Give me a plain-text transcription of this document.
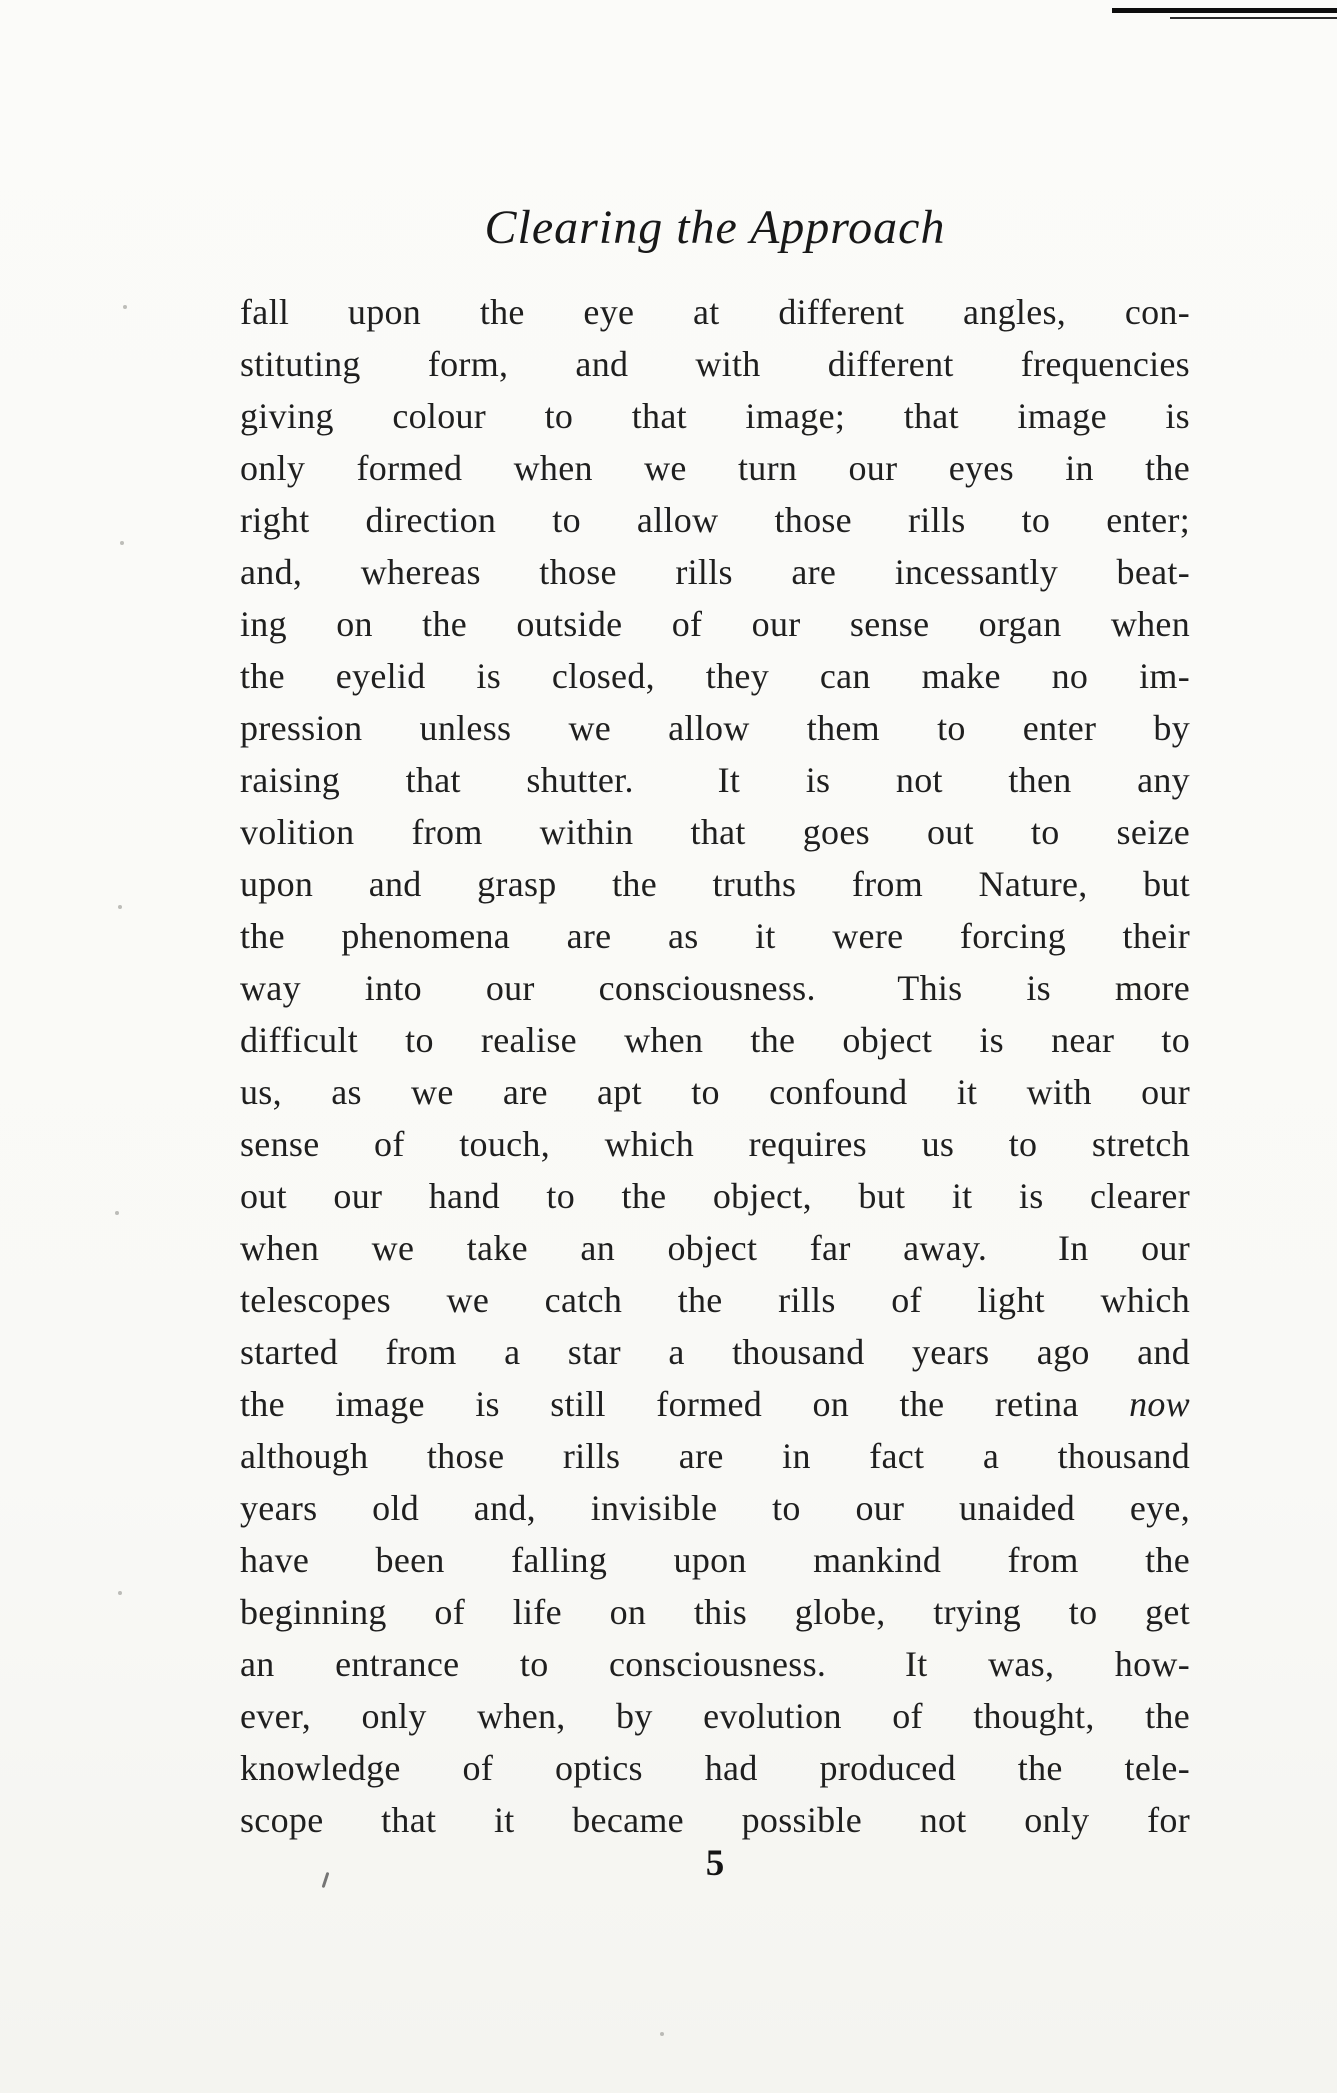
Clearing the Approach
fall upon the eye at different angles, con-
stituting form, and with different frequencies
giving colour to that image; that image is
only formed when we turn our eyes in the
right direction to allow those rills to enter;
and, whereas those rills are incessantly beat-
ing on the outside of our sense organ when
the eyelid is closed, they can make no im-
pression unless we allow them to enter by
raising that shutter.  It is not then any
volition from within that goes out to seize
upon and grasp the truths from Nature, but
the phenomena are as it were forcing their
way into our consciousness.  This is more
difficult to realise when the object is near to
us, as we are apt to confound it with our
sense of touch, which requires us to stretch
out our hand to the object, but it is clearer
when we take an object far away.  In our
telescopes we catch the rills of light which
started from a star a thousand years ago and
the image is still formed on the retina now
although those rills are in fact a thousand
years old and, invisible to our unaided eye,
have been falling upon mankind from the
beginning of life on this globe, trying to get
an entrance to consciousness.  It was, how-
ever, only when, by evolution of thought, the
knowledge of optics had produced the tele-
scope that it became possible not only for
5
